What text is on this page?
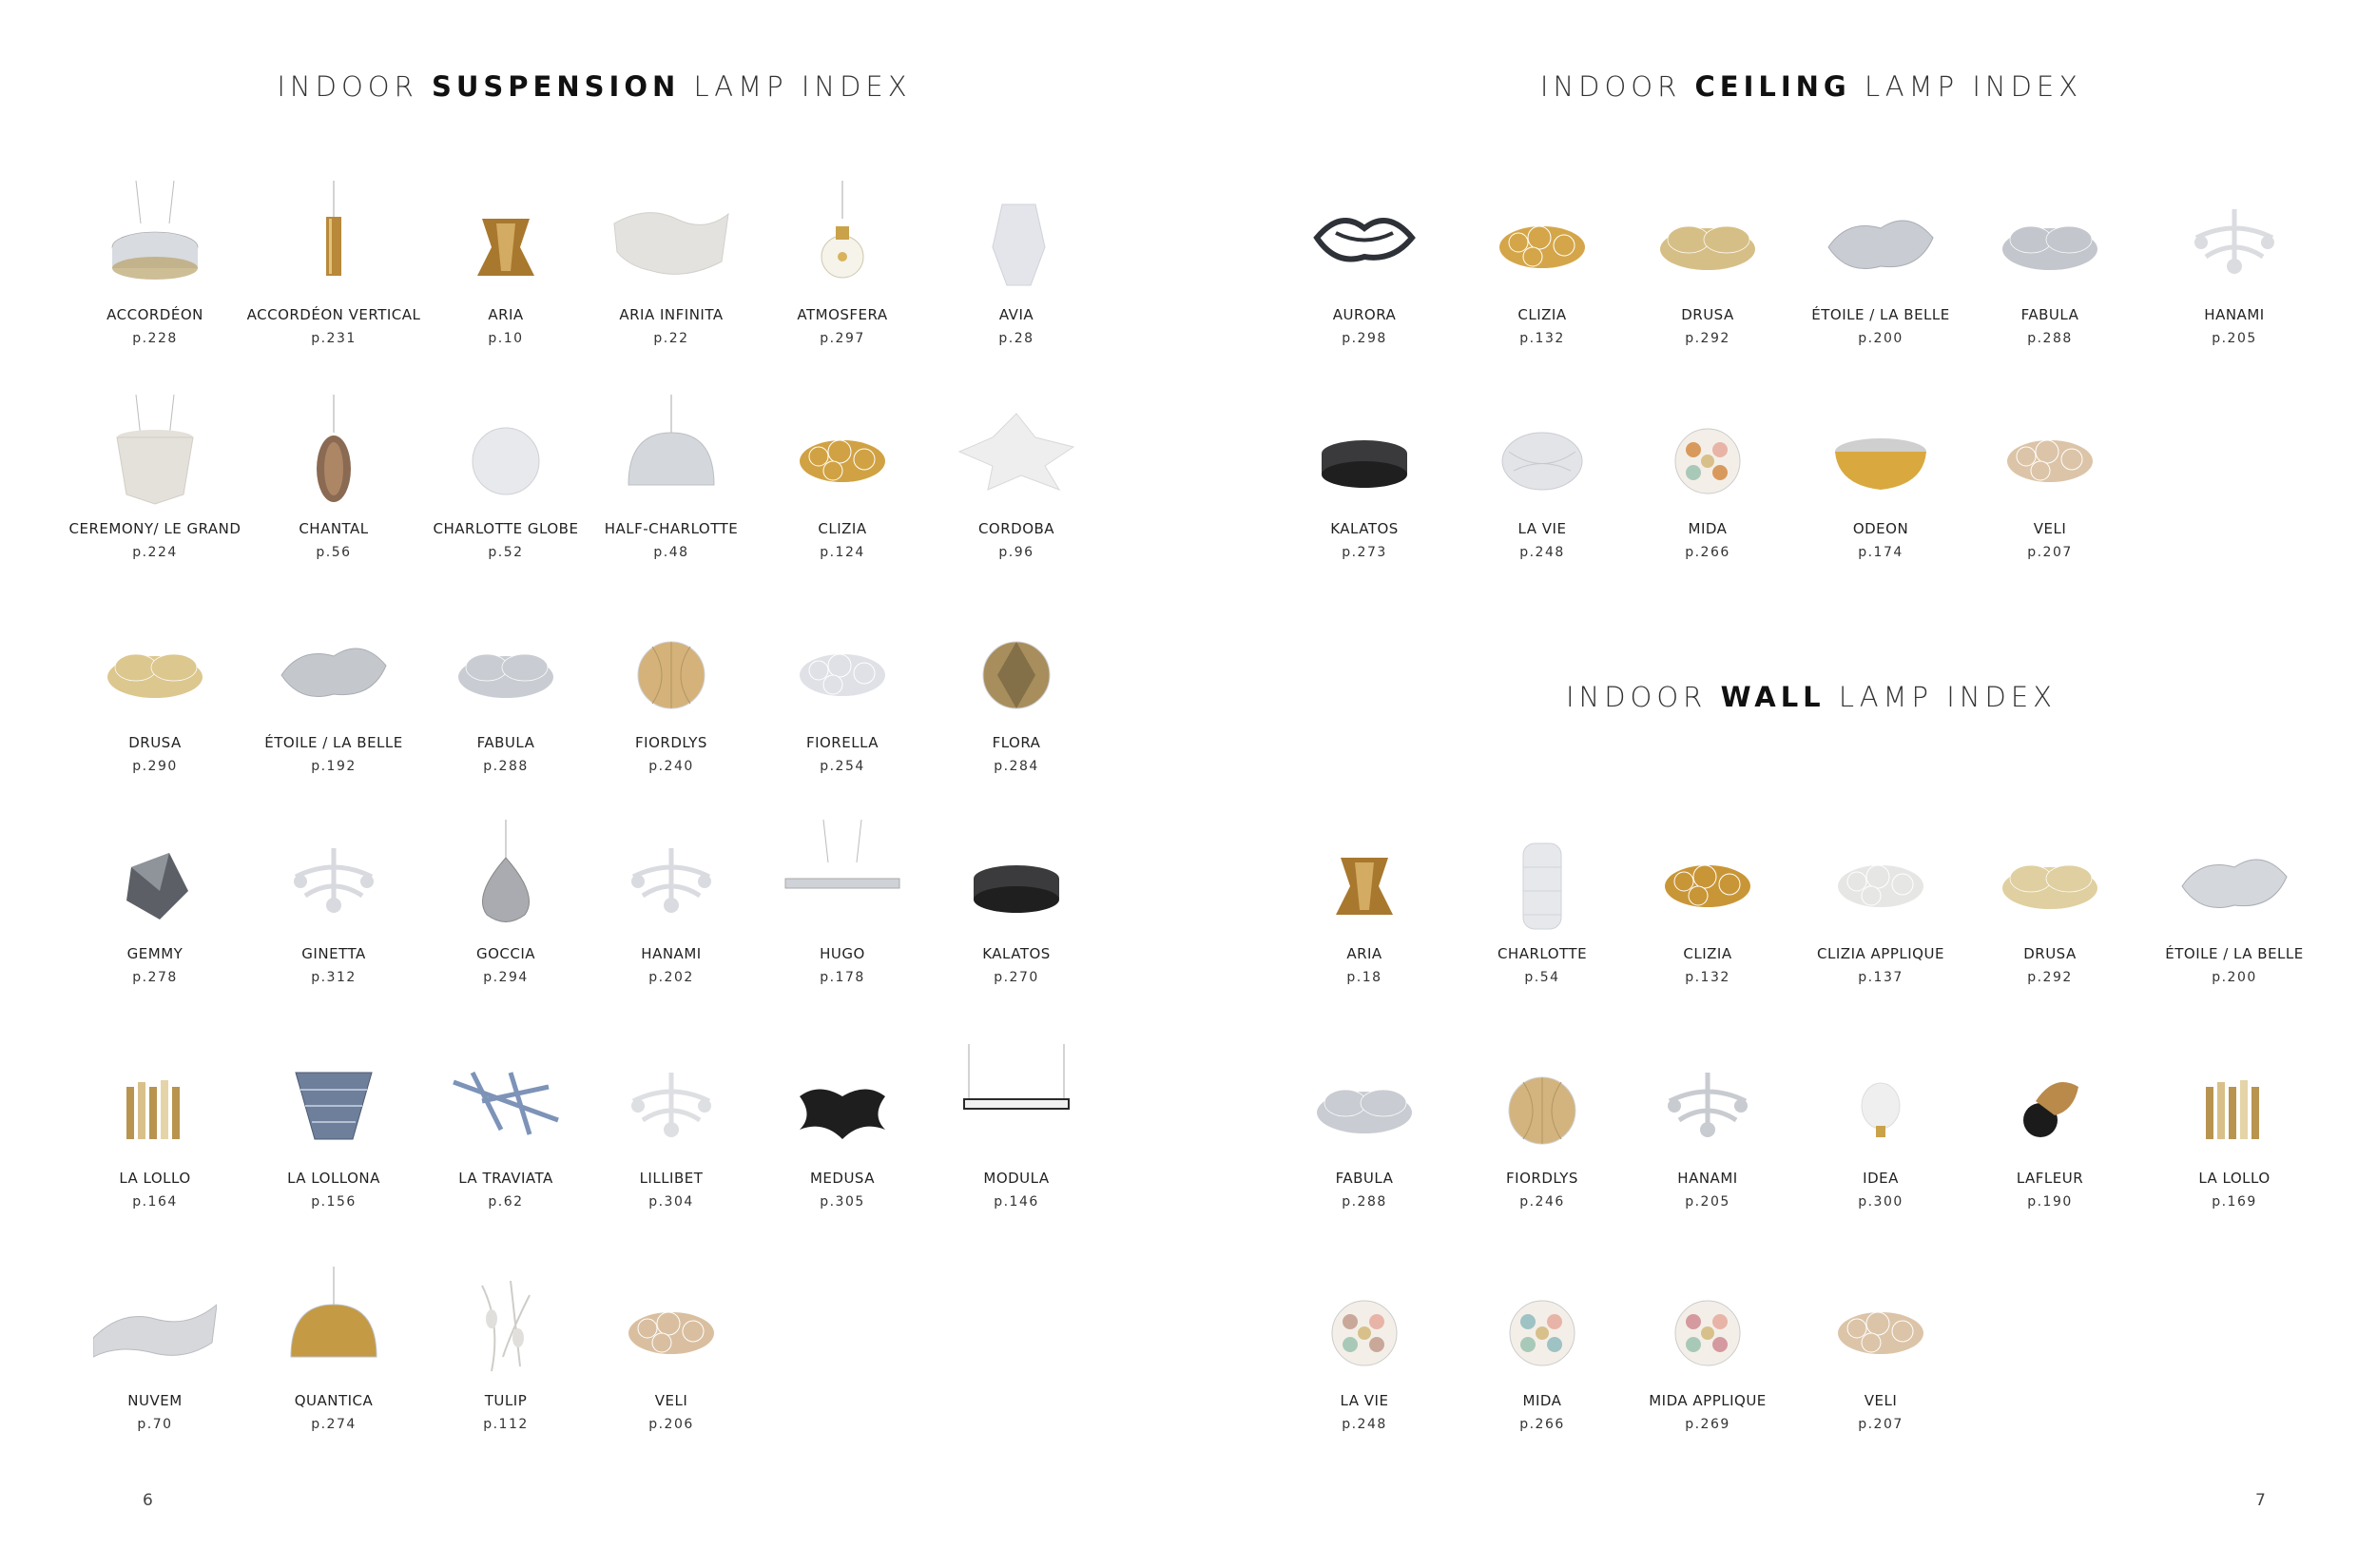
INDOOR SUSPENSION LAMP INDEX
ACCORDÉON
p.228
ACCORDÉON VERTICAL
p.231
ARIA
p.10
ARIA INFINITA
p.22
ATMOSFERA
p.297
AVIA
p.28
CEREMONY/ LE GRAND
p.224
CHANTAL
p.56
CHARLOTTE GLOBE
p.52
HALF-CHARLOTTE
p.48
CLIZIA
p.124
CORDOBA
p.96
DRUSA
p.290
ÉTOILE / LA BELLE
p.192
FABULA
p.288
FIORDLYS
p.240
FIORELLA
p.254
FLORA
p.284
GEMMY
p.278
GINETTA
p.312
GOCCIA
p.294
HANAMI
p.202
HUGO
p.178
KALATOS
p.270
LA LOLLO
p.164
LA LOLLONA
p.156
LA TRAVIATA
p.62
LILLIBET
p.304
MEDUSA
p.305
MODULA
p.146
NUVEM
p.70
QUANTICA
p.274
TULIP
p.112
VELI
p.206
6
INDOOR CEILING LAMP INDEX
AURORA
p.298
CLIZIA
p.132
DRUSA
p.292
ÉTOILE / LA BELLE
p.200
FABULA
p.288
HANAMI
p.205
KALATOS
p.273
LA VIE
p.248
MIDA
p.266
ODEON
p.174
VELI
p.207
INDOOR WALL LAMP INDEX
ARIA
p.18
CHARLOTTE
p.54
CLIZIA
p.132
CLIZIA APPLIQUE
p.137
DRUSA
p.292
ÉTOILE / LA BELLE
p.200
FABULA
p.288
FIORDLYS
p.246
HANAMI
p.205
IDEA
p.300
LAFLEUR
p.190
LA LOLLO
p.169
LA VIE
p.248
MIDA
p.266
MIDA APPLIQUE
p.269
VELI
p.207
7
